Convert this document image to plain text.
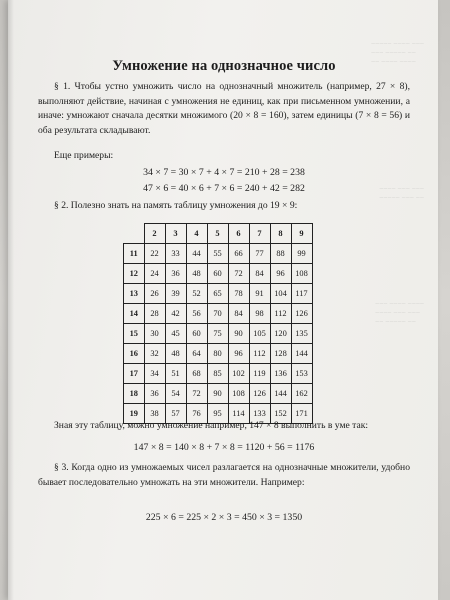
~~~~~ ~~~~ ~~~
~~~ ~~~~~ ~~
~~ ~~~~ ~~~~
~~~~ ~~~ ~~~
~~~~~ ~~~ ~~
~~~ ~~~~ ~~~~
~~~~ ~~~ ~~~
~~ ~~~~~ ~~
Умножение на однозначное число
§ 1. Чтобы устно умножить число на однозначный множитель (например, 27 × 8), выполняют действие, начиная с умножения не единиц, как при письменном умножении, а иначе: умножают сначала десятки множимого (20 × 8 = 160), затем единицы (7 × 8 = 56) и оба результата складывают.
Еще примеры:
34 × 7 = 30 × 7 + 4 × 7 = 210 + 28 = 238
47 × 6 = 40 × 6 + 7 × 6 = 240 + 42 = 282
§ 2. Полезно знать на память таблицу умножения до 19 × 9:
	2	3	4	5	6	7	8	9
11	22	33	44	55	66	77	88	99
12	24	36	48	60	72	84	96	108
13	26	39	52	65	78	91	104	117
14	28	42	56	70	84	98	112	126
15	30	45	60	75	90	105	120	135
16	32	48	64	80	96	112	128	144
17	34	51	68	85	102	119	136	153
18	36	54	72	90	108	126	144	162
19	38	57	76	95	114	133	152	171
Зная эту таблицу, можно умножение например, 147 × 8 выполнить в уме так:
147 × 8 = 140 × 8 + 7 × 8 = 1120 + 56 = 1176
§ 3. Когда одно из умножаемых чисел разлагается на однозначные множители, удобно бывает последовательно умножать на эти множители. Например:
225 × 6 = 225 × 2 × 3 = 450 × 3 = 1350
